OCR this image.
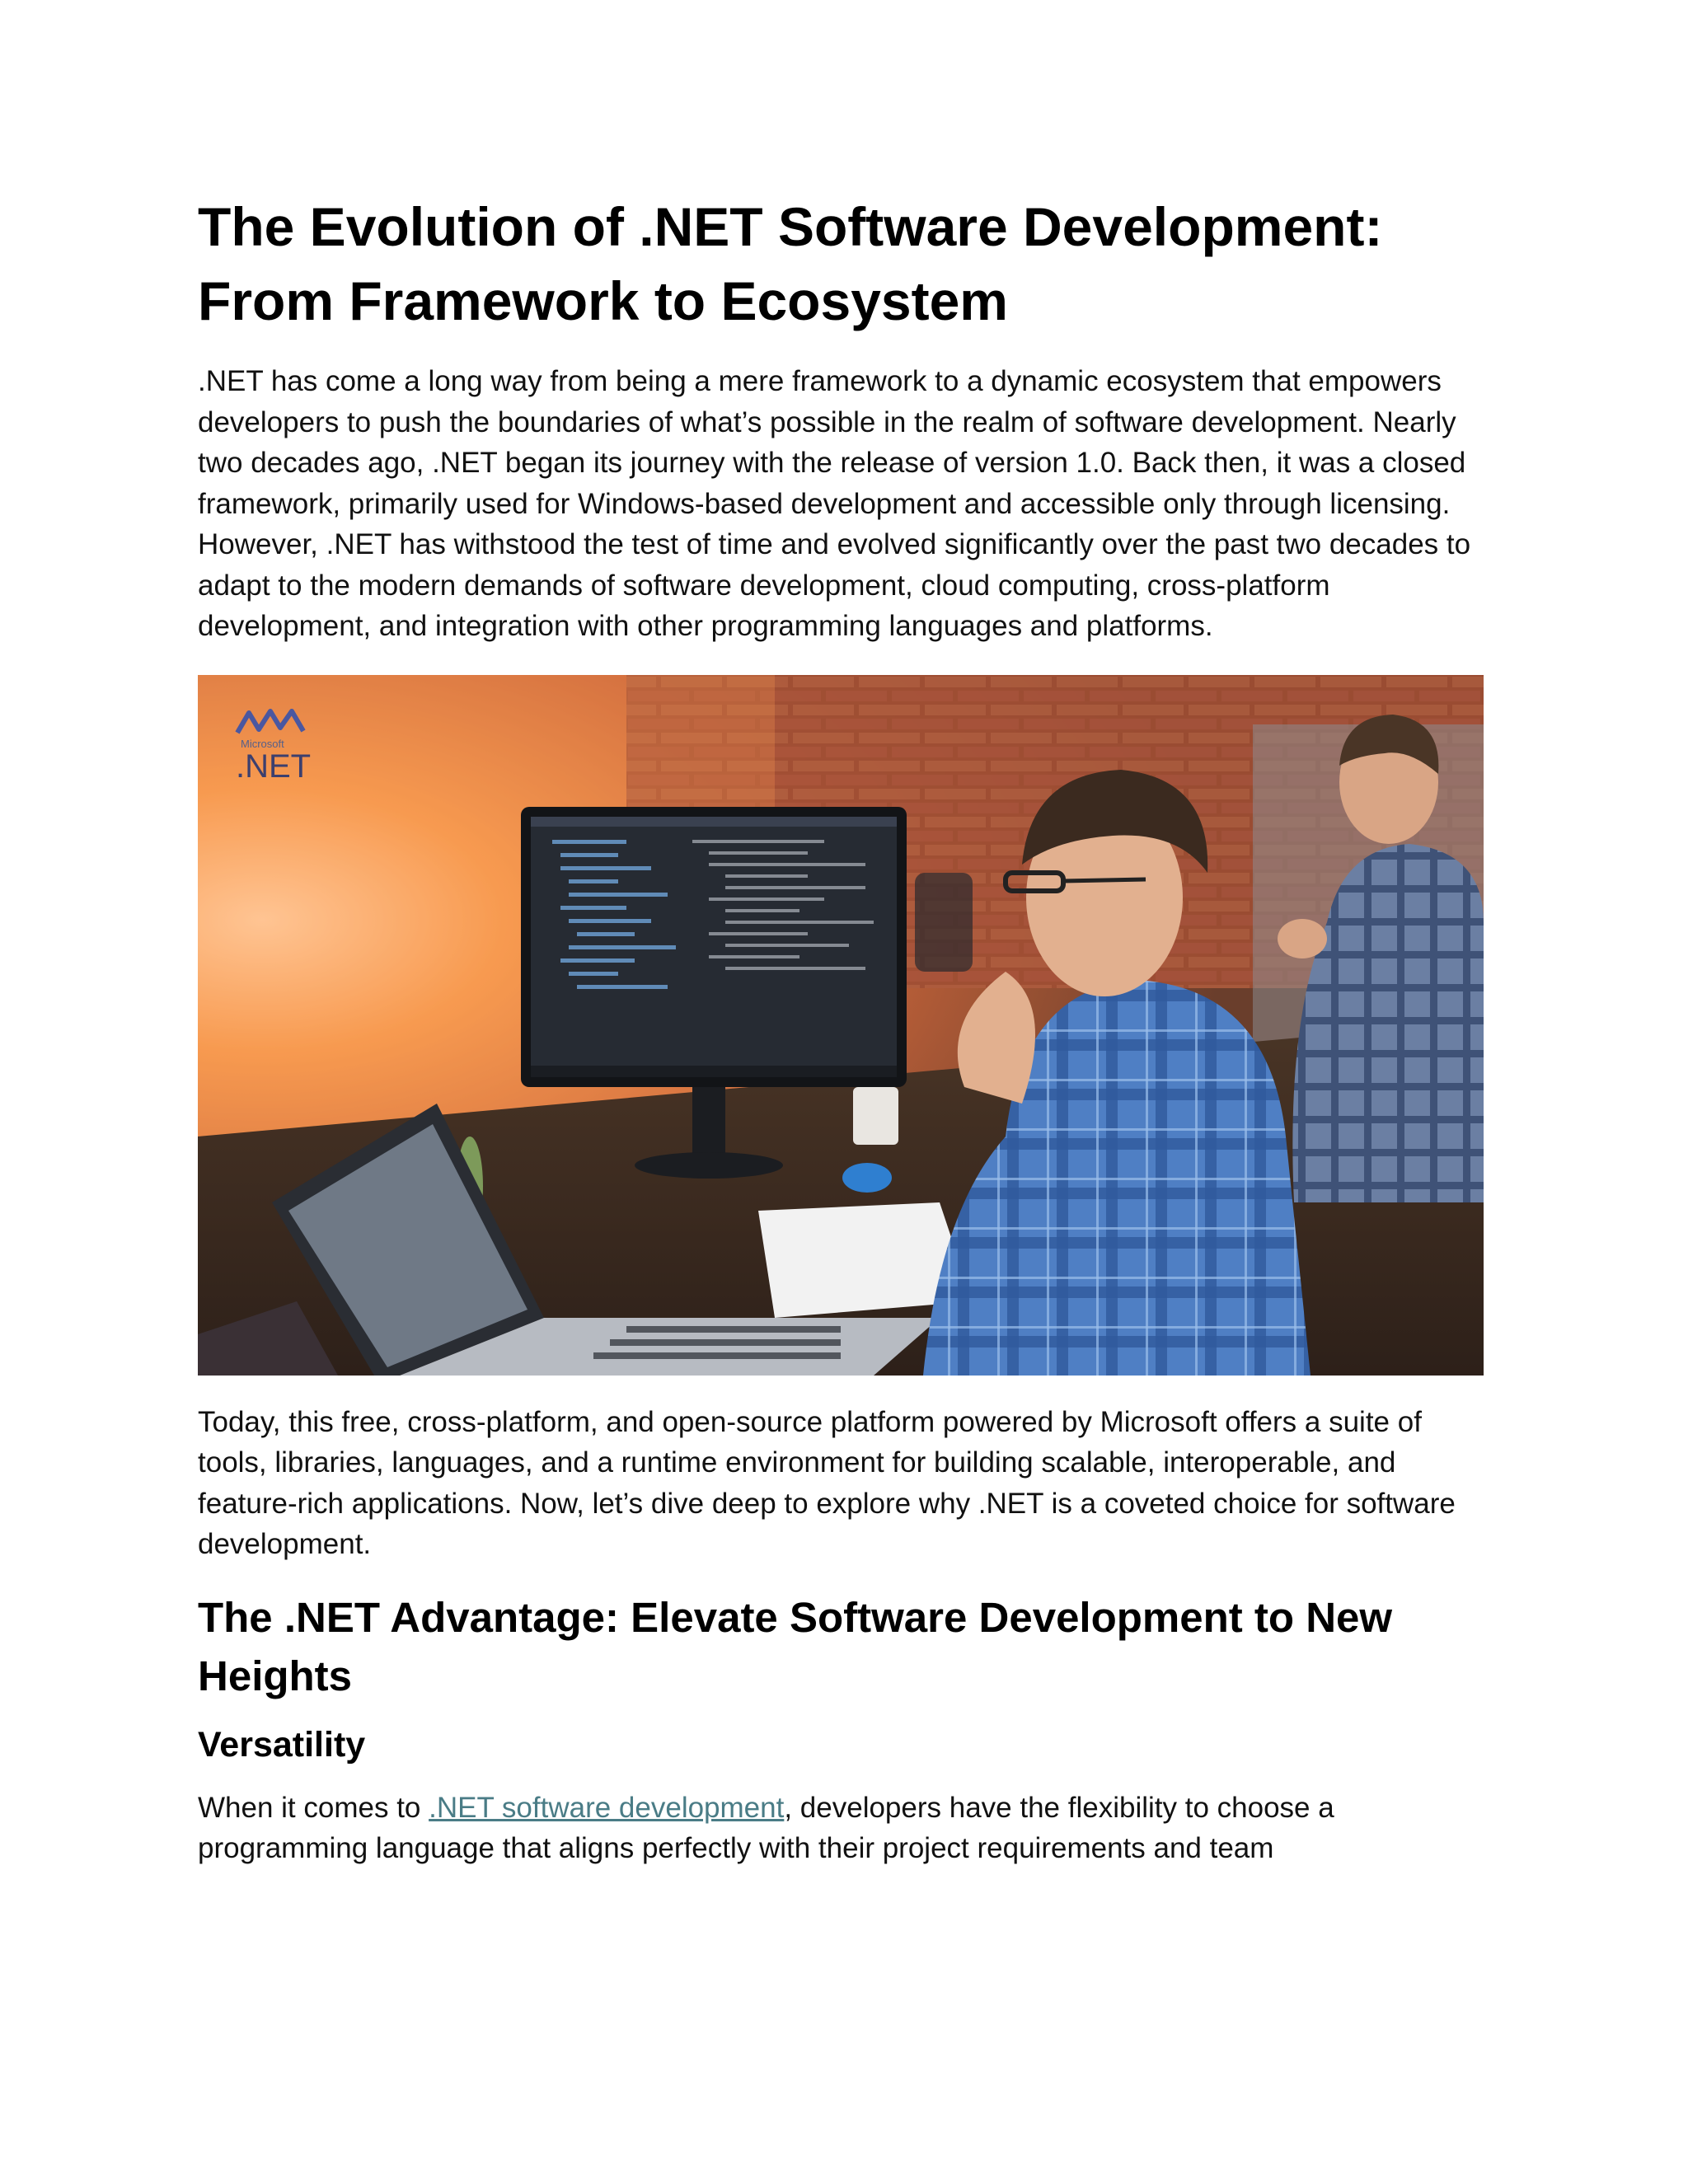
The Evolution of .NET Software Development: From Framework to Ecosystem

.NET has come a long way from being a mere framework to a dynamic ecosystem that empowers developers to push the boundaries of what’s possible in the realm of software development. Nearly two decades ago, .NET began its journey with the release of version 1.0. Back then, it was a closed framework, primarily used for Windows-based development and accessible only through licensing. However, .NET has withstood the test of time and evolved significantly over the past two decades to adapt to the modern demands of software development, cloud computing, cross-platform development, and integration with other programming languages and platforms.

Microsoft
.NET

Today, this free, cross-platform, and open-source platform powered by Microsoft offers a suite of tools, libraries, languages, and a runtime environment for building scalable, interoperable, and feature-rich applications. Now, let’s dive deep to explore why .NET is a coveted choice for software development.

The .NET Advantage: Elevate Software Development to New Heights
Versatility

When it comes to .NET software development, developers have the flexibility to choose a programming language that aligns perfectly with their project requirements and team
